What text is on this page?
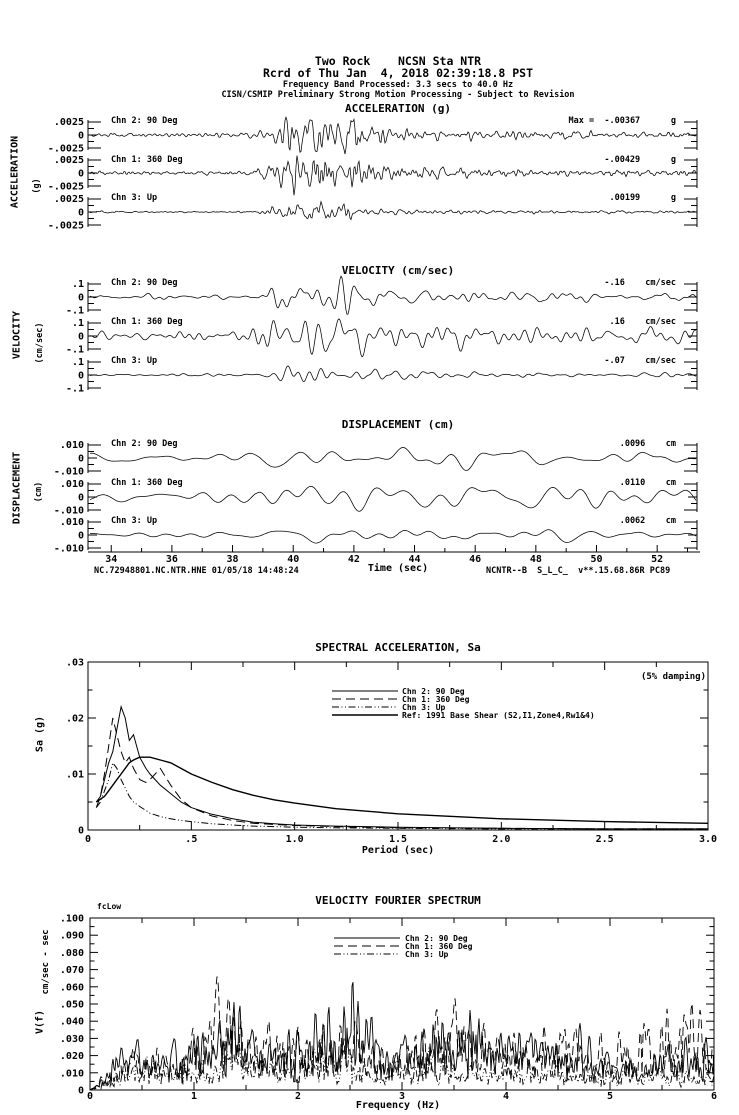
.0025
0
-.0025
.0025
0
-.0025
.0025
0
-.0025
.1
0
-.1
.1
0
-.1
.1
0
-.1
.010
0
-.010
.010
0
-.010
.010
0
-.010
34	36	38	40	42	44	46	48	50	52
0	.5	1.0	1.5	2.0	2.5	3.0
.03
.02
.01
0
0	1	2	3	4	5	6
.100
.090
.080
.070
.060
.050
.040
.030
.020
.010
0
Two Rock    NCSN Sta NTR
Rcrd of Thu Jan  4, 2018 02:39:18.8 PST
Frequency Band Processed: 3.3 secs to 40.0 Hz
CISN/CSMIP Preliminary Strong Motion Processing - Subject to Revision
ACCELERATION (g)
VELOCITY (cm/sec)
DISPLACEMENT (cm)
ACCELERATION (g)
VELOCITY (cm/sec)
DISPLACEMENT (cm)
Chn 2: 90 Deg
Chn 1: 360 Deg
Chn 3: Up
Chn 2: 90 Deg
Chn 1: 360 Deg
Chn 3: Up
Chn 2: 90 Deg
Chn 1: 360 Deg
Chn 3: Up
Max =  -.00367      g
-.00429      g
.00199      g
-.16    cm/sec
.16    cm/sec
-.07    cm/sec
.0096    cm
.0110    cm
.0062    cm
Time (sec)
NC.72948801.NC.NTR.HNE 01/05/18 14:48:24	NCNTR--B  S_L_C_  v**.15.68.86R PC89
SPECTRAL ACCELERATION, Sa
(5% damping)
Chn 2: 90 Deg
Chn 1: 360 Deg
Chn 3: Up
Ref: 1991 Base Shear (S2,I1,Zone4,Rw1&4)
Sa (g)
Period (sec)
VELOCITY FOURIER SPECTRUM
fcLow
Chn 2: 90 Deg
Chn 1: 360 Deg
Chn 3: Up
cm/sec - sec
V(f)
Frequency (Hz)
